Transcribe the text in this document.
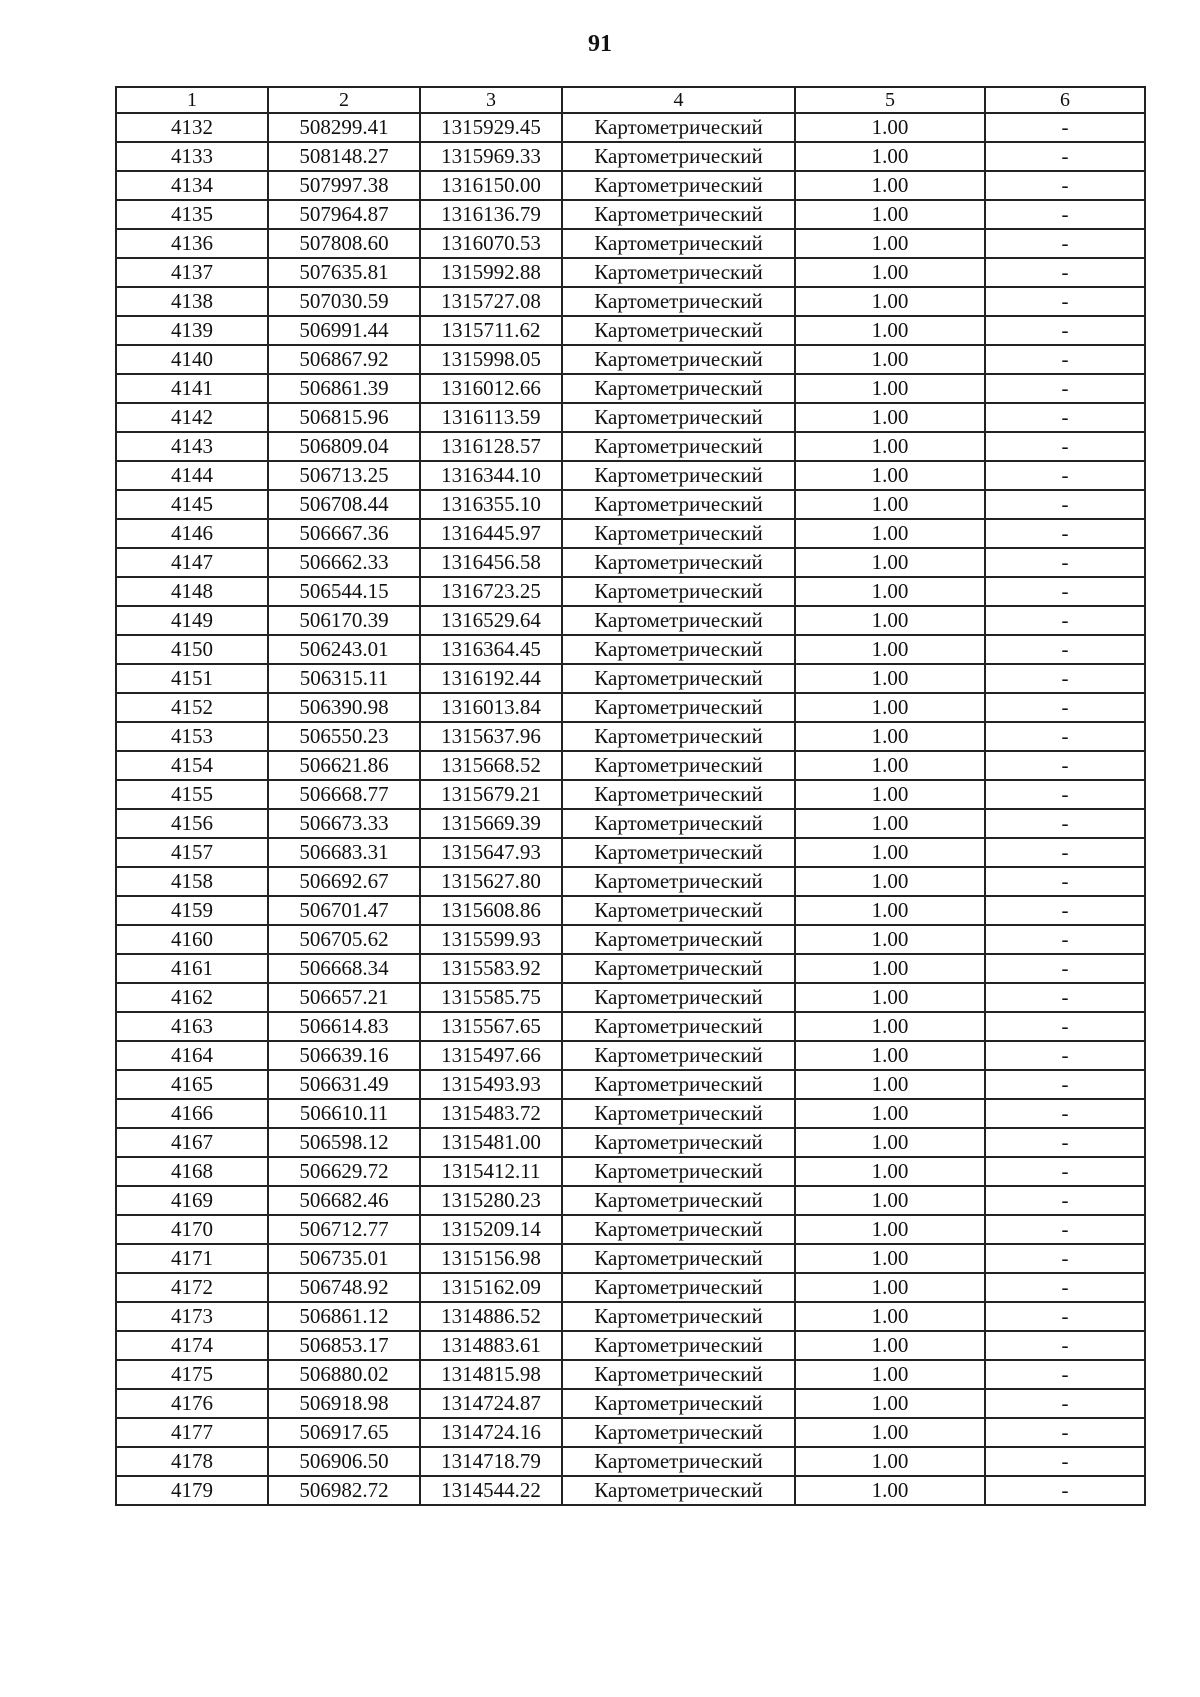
91
1	2	3	4	5	6
4132	508299.41	1315929.45	Картометрический	1.00	-
4133	508148.27	1315969.33	Картометрический	1.00	-
4134	507997.38	1316150.00	Картометрический	1.00	-
4135	507964.87	1316136.79	Картометрический	1.00	-
4136	507808.60	1316070.53	Картометрический	1.00	-
4137	507635.81	1315992.88	Картометрический	1.00	-
4138	507030.59	1315727.08	Картометрический	1.00	-
4139	506991.44	1315711.62	Картометрический	1.00	-
4140	506867.92	1315998.05	Картометрический	1.00	-
4141	506861.39	1316012.66	Картометрический	1.00	-
4142	506815.96	1316113.59	Картометрический	1.00	-
4143	506809.04	1316128.57	Картометрический	1.00	-
4144	506713.25	1316344.10	Картометрический	1.00	-
4145	506708.44	1316355.10	Картометрический	1.00	-
4146	506667.36	1316445.97	Картометрический	1.00	-
4147	506662.33	1316456.58	Картометрический	1.00	-
4148	506544.15	1316723.25	Картометрический	1.00	-
4149	506170.39	1316529.64	Картометрический	1.00	-
4150	506243.01	1316364.45	Картометрический	1.00	-
4151	506315.11	1316192.44	Картометрический	1.00	-
4152	506390.98	1316013.84	Картометрический	1.00	-
4153	506550.23	1315637.96	Картометрический	1.00	-
4154	506621.86	1315668.52	Картометрический	1.00	-
4155	506668.77	1315679.21	Картометрический	1.00	-
4156	506673.33	1315669.39	Картометрический	1.00	-
4157	506683.31	1315647.93	Картометрический	1.00	-
4158	506692.67	1315627.80	Картометрический	1.00	-
4159	506701.47	1315608.86	Картометрический	1.00	-
4160	506705.62	1315599.93	Картометрический	1.00	-
4161	506668.34	1315583.92	Картометрический	1.00	-
4162	506657.21	1315585.75	Картометрический	1.00	-
4163	506614.83	1315567.65	Картометрический	1.00	-
4164	506639.16	1315497.66	Картометрический	1.00	-
4165	506631.49	1315493.93	Картометрический	1.00	-
4166	506610.11	1315483.72	Картометрический	1.00	-
4167	506598.12	1315481.00	Картометрический	1.00	-
4168	506629.72	1315412.11	Картометрический	1.00	-
4169	506682.46	1315280.23	Картометрический	1.00	-
4170	506712.77	1315209.14	Картометрический	1.00	-
4171	506735.01	1315156.98	Картометрический	1.00	-
4172	506748.92	1315162.09	Картометрический	1.00	-
4173	506861.12	1314886.52	Картометрический	1.00	-
4174	506853.17	1314883.61	Картометрический	1.00	-
4175	506880.02	1314815.98	Картометрический	1.00	-
4176	506918.98	1314724.87	Картометрический	1.00	-
4177	506917.65	1314724.16	Картометрический	1.00	-
4178	506906.50	1314718.79	Картометрический	1.00	-
4179	506982.72	1314544.22	Картометрический	1.00	-
